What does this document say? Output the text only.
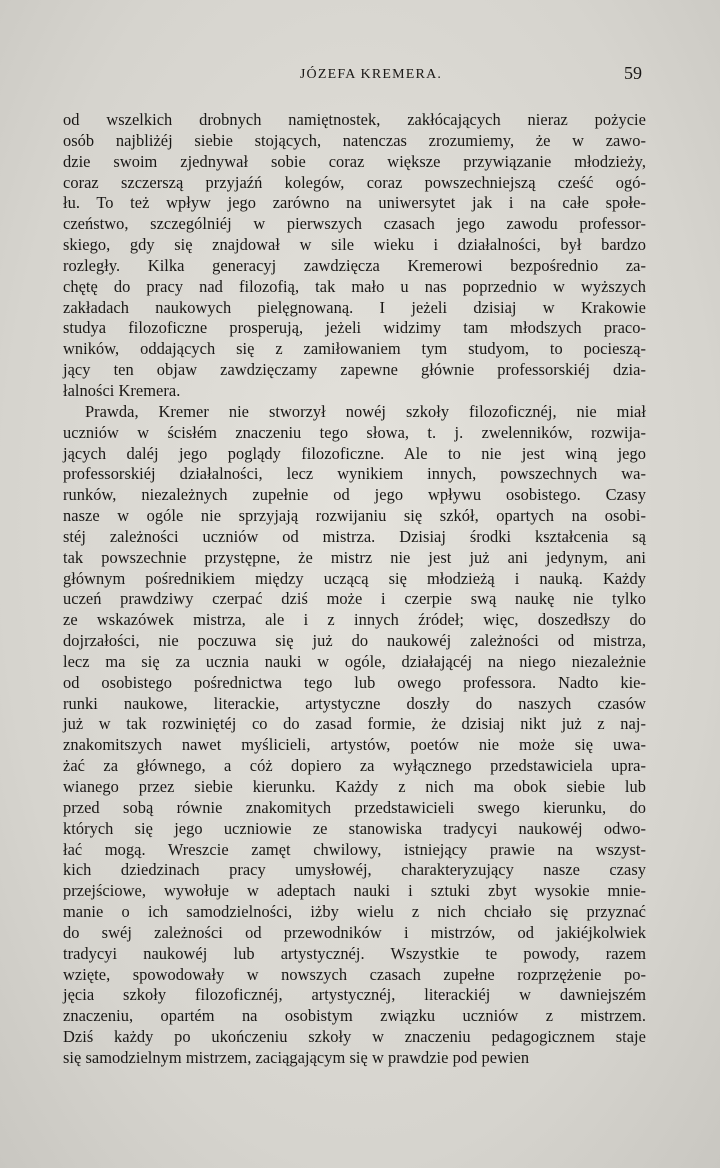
JÓZEFA KREMERA.	59

od wszelkich drobnych namiętnostek, zakłócających nieraz pożycie
osób najbliżéj siebie stojących, natenczas zrozumiemy, że w zawo-
dzie swoim zjednywał sobie coraz większe przywiązanie młodzieży,
coraz szczerszą przyjaźń kolegów, coraz powszechniejszą cześć ogó-
łu. To też wpływ jego zarówno na uniwersytet jak i na całe społe-
czeństwo, szczególniéj w pierwszych czasach jego zawodu professor-
skiego, gdy się znajdował w sile wieku i działalności, był bardzo
rozległy. Kilka generacyj zawdzięcza Kremerowi bezpośrednio za-
chętę do pracy nad filozofią, tak mało u nas poprzednio w wyższych
zakładach naukowych pielęgnowaną. I jeżeli dzisiaj w Krakowie
studya filozoficzne prosperują, jeżeli widzimy tam młodszych praco-
wników, oddających się z zamiłowaniem tym studyom, to pocieszą-
jący ten objaw zawdzięczamy zapewne głównie professorskiéj dzia-
łalności Kremera.

Prawda, Kremer nie stworzył nowéj szkoły filozoficznéj, nie miał
uczniów w ścisłém znaczeniu tego słowa, t. j. zwelenników, rozwija-
jących daléj jego poglądy filozoficzne. Ale to nie jest winą jego
professorskiéj działalności, lecz wynikiem innych, powszechnych wa-
runków, niezależnych zupełnie od jego wpływu osobistego. Czasy
nasze w ogóle nie sprzyjają rozwijaniu się szkół, opartych na osobi-
stéj zależności uczniów od mistrza. Dzisiaj środki kształcenia są
tak powszechnie przystępne, że mistrz nie jest już ani jedynym, ani
głównym pośrednikiem między uczącą się młodzieżą i nauką. Każdy
uczeń prawdziwy czerpać dziś może i czerpie swą naukę nie tylko
ze wskazówek mistrza, ale i z innych źródeł; więc, doszedłszy do
dojrzałości, nie poczuwa się już do naukowéj zależności od mistrza,
lecz ma się za ucznia nauki w ogóle, działającéj na niego niezależnie
od osobistego pośrednictwa tego lub owego professora. Nadto kie-
runki naukowe, literackie, artystyczne doszły do naszych czasów
już w tak rozwiniętéj co do zasad formie, że dzisiaj nikt już z naj-
znakomitszych nawet myślicieli, artystów, poetów nie może się uwa-
żać za głównego, a cóż dopiero za wyłącznego przedstawiciela upra-
wianego przez siebie kierunku. Każdy z nich ma obok siebie lub
przed sobą równie znakomitych przedstawicieli swego kierunku, do
których się jego uczniowie ze stanowiska tradycyi naukowéj odwo-
łać mogą. Wreszcie zamęt chwilowy, istniejący prawie na wszyst-
kich dziedzinach pracy umysłowéj, charakteryzujący nasze czasy
przejściowe, wywołuje w adeptach nauki i sztuki zbyt wysokie mnie-
manie o ich samodzielności, iżby wielu z nich chciało się przyznać
do swéj zależności od przewodników i mistrzów, od jakiéjkolwiek
tradycyi naukowéj lub artystycznéj. Wszystkie te powody, razem
wzięte, spowodowały w nowszych czasach zupełne rozprzężenie po-
jęcia szkoły filozoficznéj, artystycznéj, literackiéj w dawniejszém
znaczeniu, opartém na osobistym związku uczniów z mistrzem.
Dziś każdy po ukończeniu szkoły w znaczeniu pedagogicznem staje
się samodzielnym mistrzem, zaciągającym się w prawdzie pod pewien
